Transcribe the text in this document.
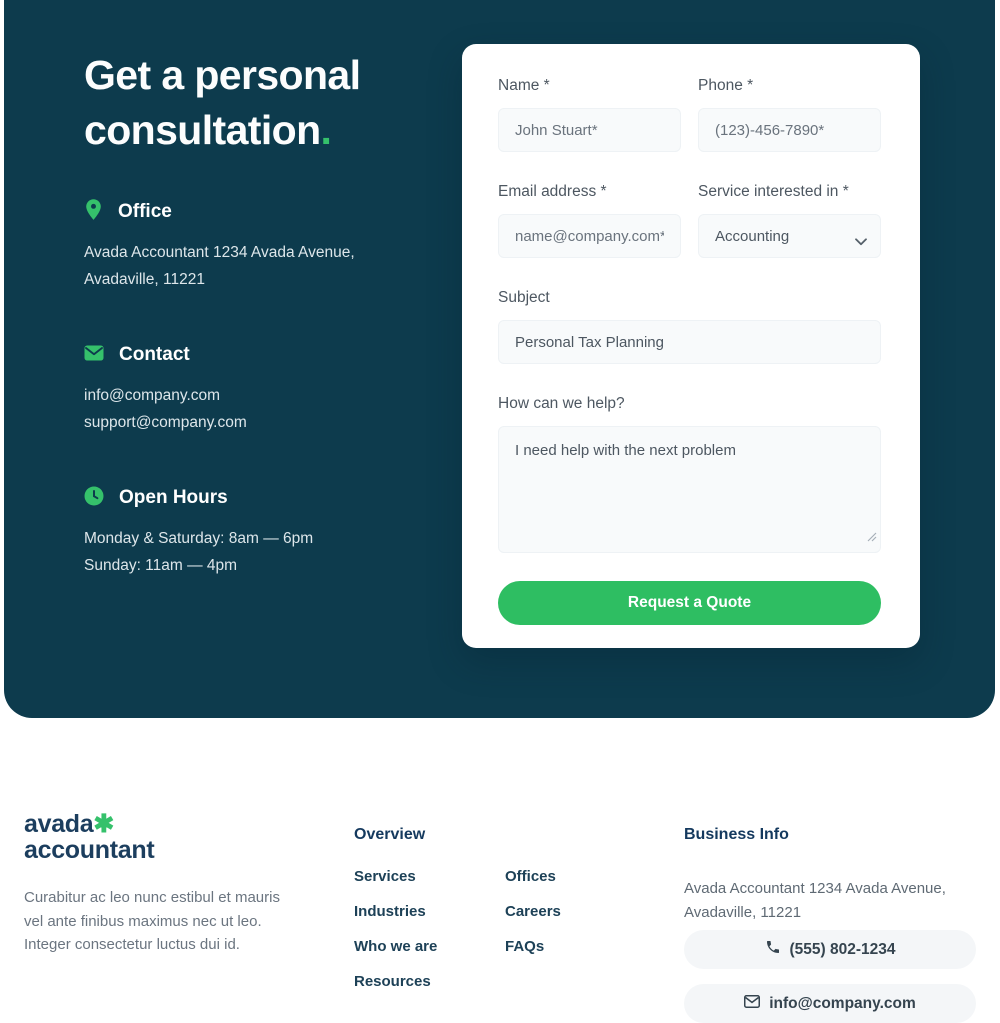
Get a personal
consultation.
Office
Avada Accountant 1234 Avada Avenue,
Avadaville, 11221
Contact
info@company.com
support@company.com
Open Hours
Monday & Saturday: 8am — 6pm
Sunday: 11am — 4pm
Name *
John Stuart*	Phone *
(123)-456-7890*
Email address *
name@company.com*	Service interested in *
Accounting
Subject
Personal Tax Planning
How can we help?
I need help with the next problem
Request a Quote
avada✱
accountant

Curabitur ac leo nunc estibul et mauris vel ante finibus maximus nec ut leo. Integer consectetur luctus dui id.

Overview
Services
Industries
Who we are
Resources
Offices
Careers
FAQs
Business Info

Avada Accountant 1234 Avada Avenue, Avadaville, 11221

(555) 802-1234
info@company.com
